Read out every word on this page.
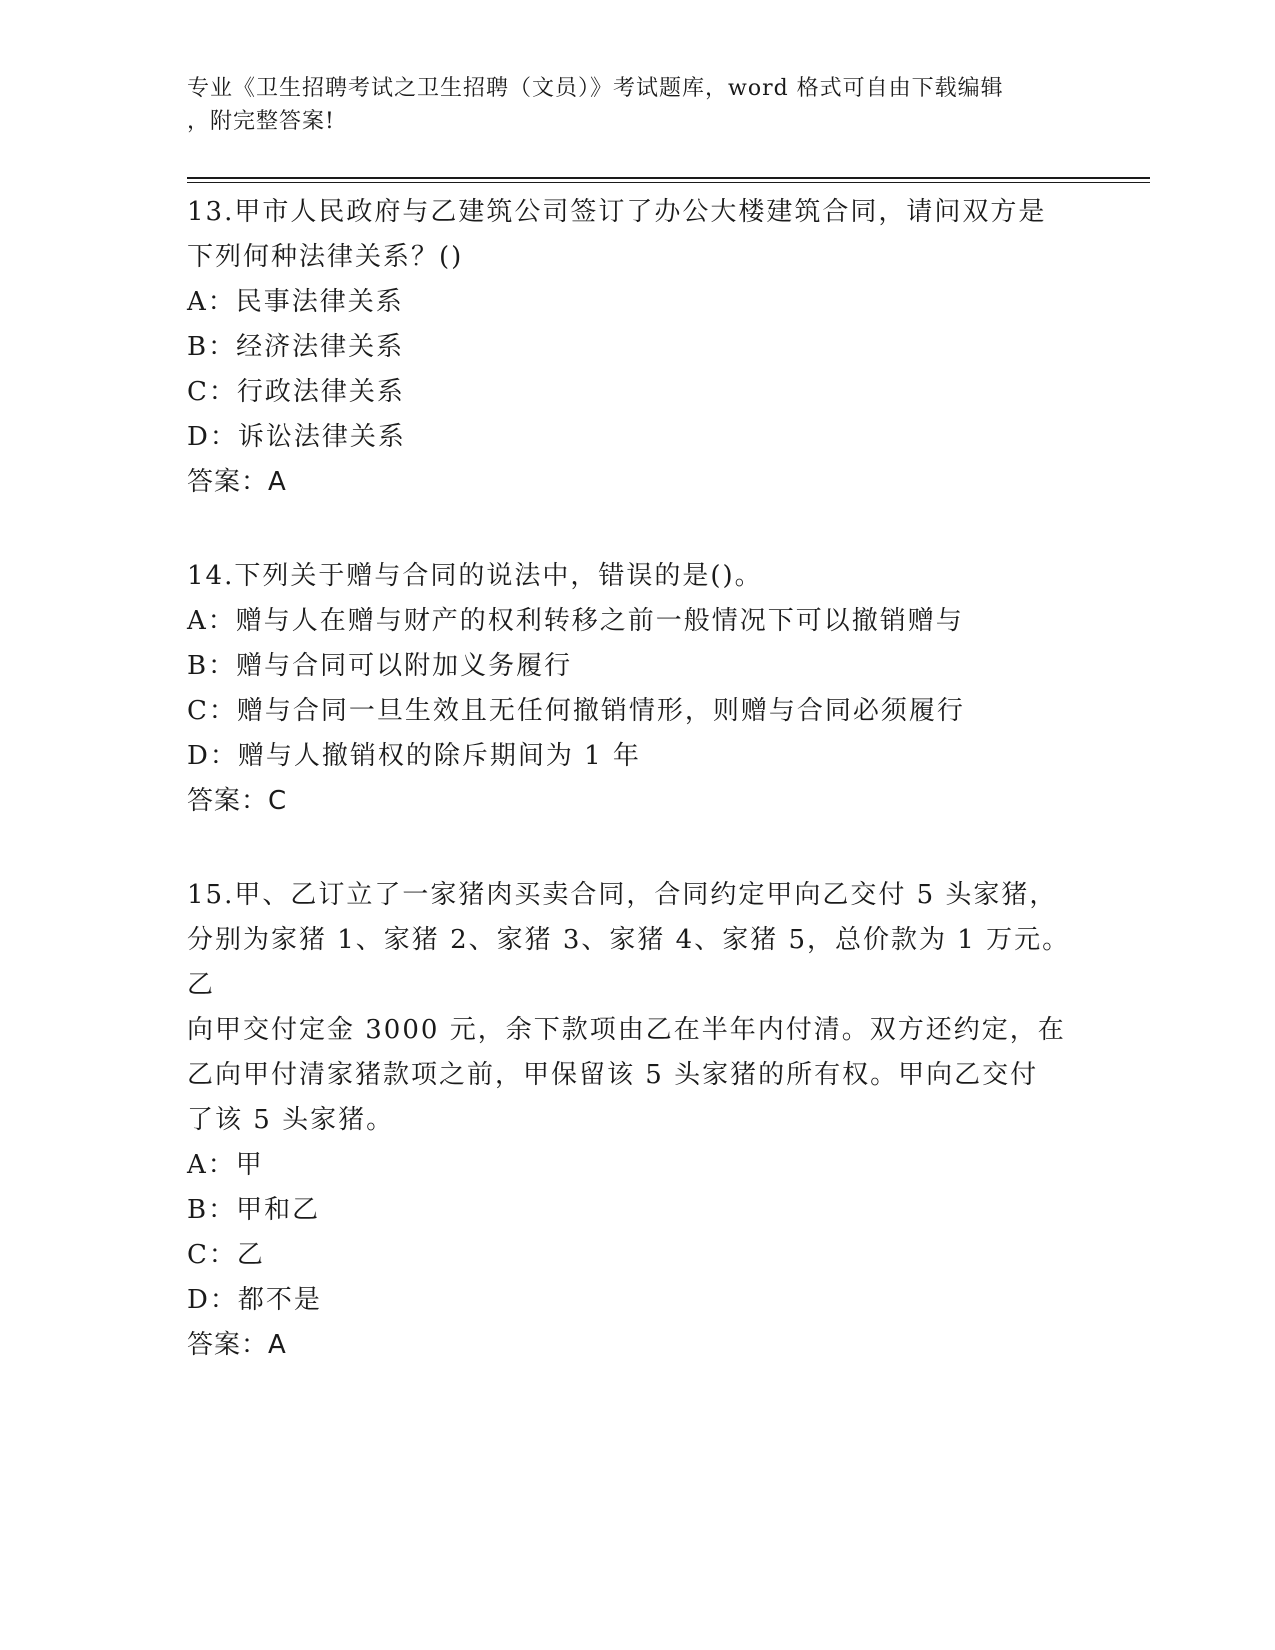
专业《卫生招聘考试之卫生招聘（文员）》考试题库，word 格式可自由下载编辑
，附完整答案!
13.甲市人民政府与乙建筑公司签订了办公大楼建筑合同，请问双方是
下列何种法律关系？()
A：民事法律关系
B：经济法律关系
C：行政法律关系
D：诉讼法律关系
答案：A
14.下列关于赠与合同的说法中，错误的是()。
A：赠与人在赠与财产的权利转移之前一般情况下可以撤销赠与
B：赠与合同可以附加义务履行
C：赠与合同一旦生效且无任何撤销情形，则赠与合同必须履行
D：赠与人撤销权的除斥期间为 1 年
答案：C
15.甲、乙订立了一家猪肉买卖合同，合同约定甲向乙交付 5 头家猪，
分别为家猪 1、家猪 2、家猪 3、家猪 4、家猪 5，总价款为 1 万元。乙
向甲交付定金 3000 元，余下款项由乙在半年内付清。双方还约定，在
乙向甲付清家猪款项之前，甲保留该 5 头家猪的所有权。甲向乙交付
了该 5 头家猪。
A：甲
B：甲和乙
C：乙
D：都不是
答案：A
